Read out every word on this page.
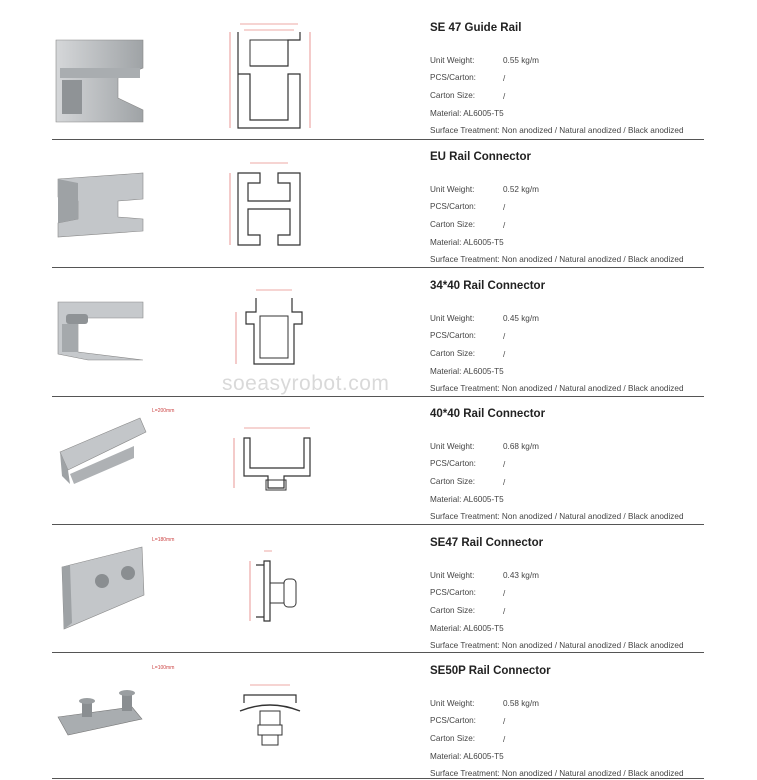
SE 47 Guide Rail
Unit Weight:	0.55 kg/m
PCS/Carton:	/
Carton Size:	/
Material: AL6005-T5
Surface Treatment: Non anodized / Natural anodized / Black anodized
EU Rail Connector
Unit Weight:	0.52 kg/m
PCS/Carton:	/
Carton Size:	/
Material: AL6005-T5
Surface Treatment: Non anodized / Natural anodized / Black anodized
34*40 Rail Connector
Unit Weight:	0.45 kg/m
PCS/Carton:	/
Carton Size:	/
Material: AL6005-T5
Surface Treatment: Non anodized / Natural anodized / Black anodized
L=200mm	40*40 Rail Connector
Unit Weight:	0.68 kg/m
PCS/Carton:	/
Carton Size:	/
Material: AL6005-T5
Surface Treatment: Non anodized / Natural anodized / Black anodized
L=180mm	SE47 Rail Connector
Unit Weight:	0.43 kg/m
PCS/Carton:	/
Carton Size:	/
Material: AL6005-T5
Surface Treatment: Non anodized / Natural anodized / Black anodized
L=100mm	SE50P Rail Connector
Unit Weight:	0.58 kg/m
PCS/Carton:	/
Carton Size:	/
Material: AL6005-T5
Surface Treatment: Non anodized / Natural anodized / Black anodized
soeasyrobot.com
